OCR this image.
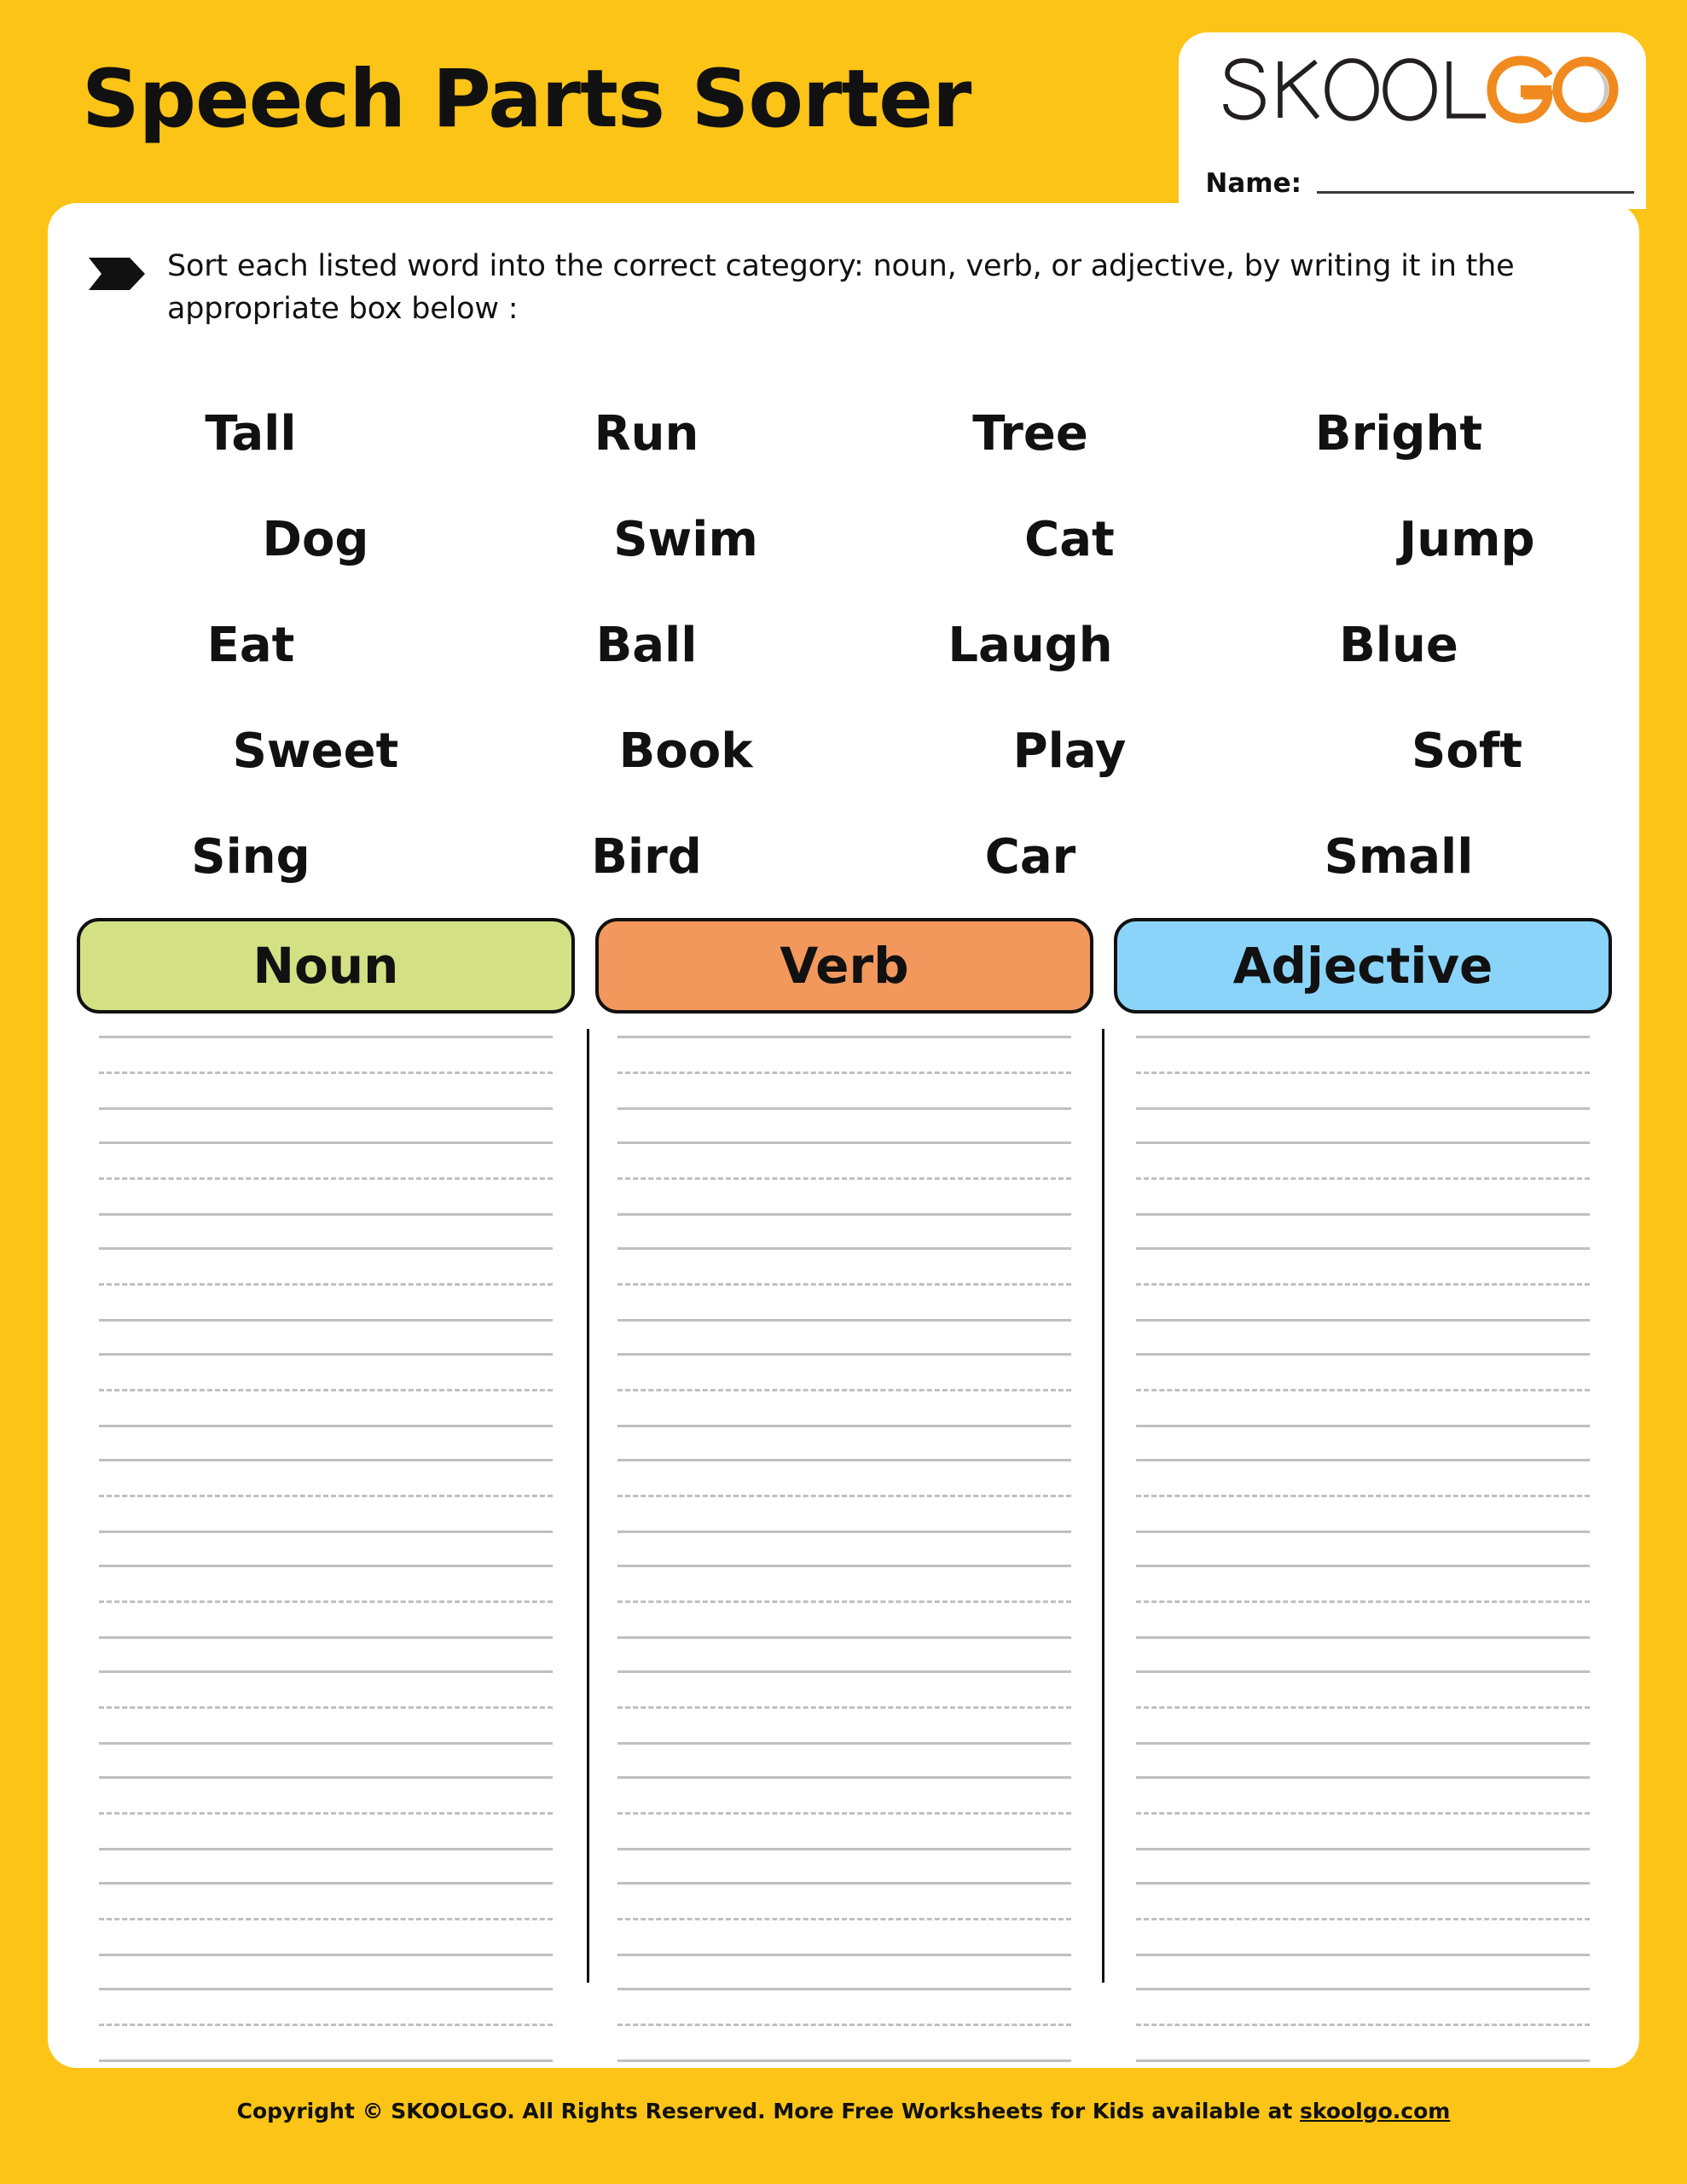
Speech Parts Sorter
Name:
Sort each listed word into the correct category: noun, verb, or adjective, by writing it in the appropriate box below :
Tall	Run	Tree	Bright
Dog	Swim	Cat	Jump
Eat	Ball	Laugh	Blue
Sweet	Book	Play	Soft
Sing	Bird	Car	Small
Noun	Verb	Adjective
Copyright © SKOOLGO. All Rights Reserved. More Free Worksheets for Kids available at skoolgo.com
